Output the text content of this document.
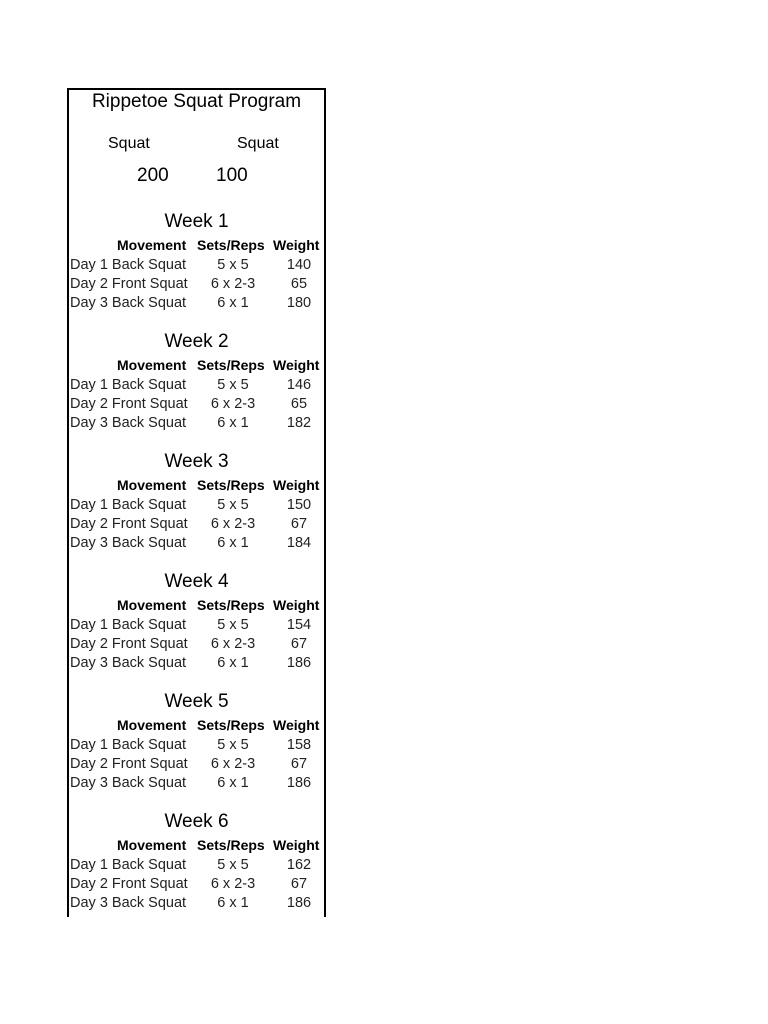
Rippetoe Squat Program
Squat	Squat
200 100
Week 1
Movement Sets/Reps Weight
Day 1 Back Squat	5 x 5	140
Day 2 Front Squat	6 x 2-3	65
Day 3 Back Squat	6 x 1	180
Week 2
Movement Sets/Reps Weight
Day 1 Back Squat	5 x 5	146
Day 2 Front Squat	6 x 2-3	65
Day 3 Back Squat	6 x 1	182
Week 3
Movement Sets/Reps Weight
Day 1 Back Squat	5 x 5	150
Day 2 Front Squat	6 x 2-3	67
Day 3 Back Squat	6 x 1	184
Week 4
Movement Sets/Reps Weight
Day 1 Back Squat	5 x 5	154
Day 2 Front Squat	6 x 2-3	67
Day 3 Back Squat	6 x 1	186
Week 5
Movement Sets/Reps Weight
Day 1 Back Squat	5 x 5	158
Day 2 Front Squat	6 x 2-3	67
Day 3 Back Squat	6 x 1	186
Week 6
Movement Sets/Reps Weight
Day 1 Back Squat	5 x 5	162
Day 2 Front Squat	6 x 2-3	67
Day 3 Back Squat	6 x 1	186
